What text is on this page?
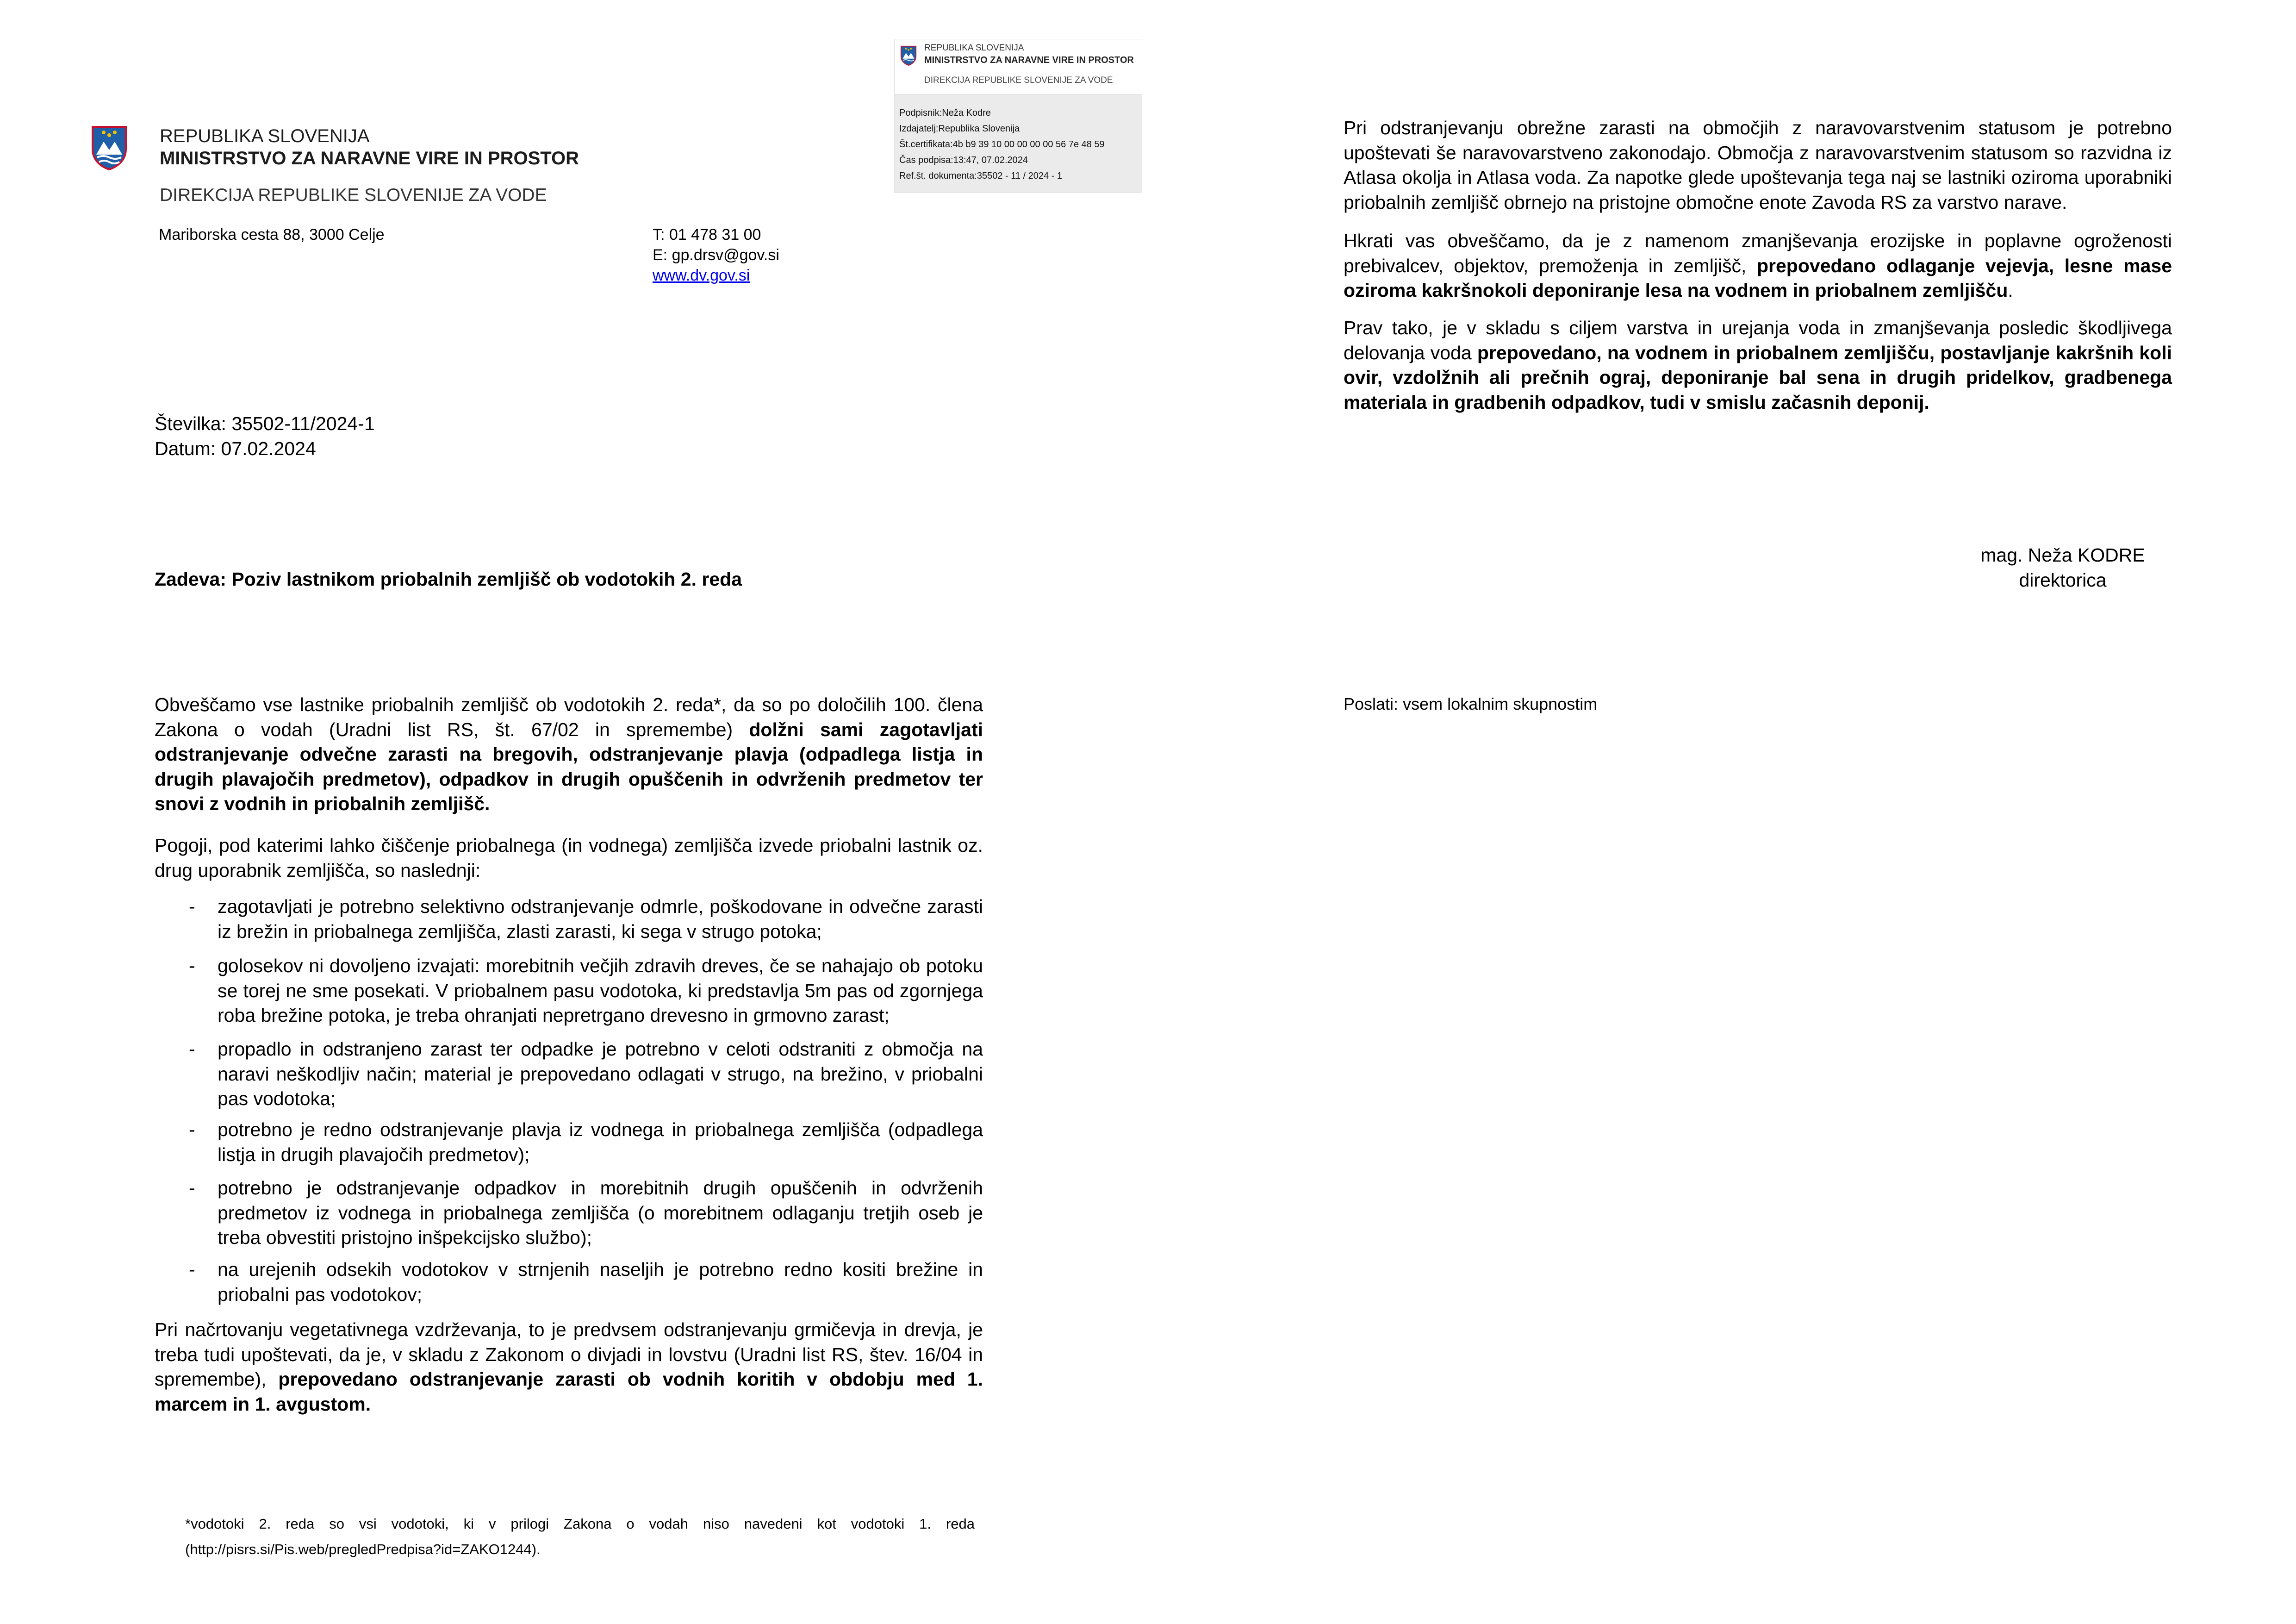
REPUBLIKA SLOVENIJA
MINISTRSTVO ZA NARAVNE VIRE IN PROSTOR
DIREKCIJA REPUBLIKE SLOVENIJE ZA VODE
Mariborska cesta 88, 3000 Celje	T: 01 478 31 00
E: gp.drsv@gov.si
www.dv.gov.si
REPUBLIKA SLOVENIJA
MINISTRSTVO ZA NARAVNE VIRE IN PROSTOR
DIREKCIJA REPUBLIKE SLOVENIJE ZA VODE
Podpisnik:Neža Kodre
Izdajatelj:Republika Slovenija
Št.certifikata:4b b9 39 10 00 00 00 00 56 7e 48 59
Čas podpisa:13:47, 07.02.2024
Ref.št. dokumenta:35502 - 11 / 2024 - 1
Številka: 35502-11/2024-1
Datum: 07.02.2024
Zadeva: Poziv lastnikom priobalnih zemljišč ob vodotokih 2. reda

Obveščamo vse lastnike priobalnih zemljišč ob vodotokih 2. reda*, da so po določilih 100. člena Zakona o vodah (Uradni list RS, št. 67/02 in spremembe) dolžni sami zagotavljati odstranjevanje odvečne zarasti na bregovih, odstranjevanje plavja (odpadlega listja in drugih plavajočih predmetov), odpadkov in drugih opuščenih in odvrženih predmetov ter snovi z vodnih in priobalnih zemljišč.

Pogoji, pod katerimi lahko čiščenje priobalnega (in vodnega) zemljišča izvede priobalni lastnik oz. drug uporabnik zemljišča, so naslednji:

-	zagotavljati je potrebno selektivno odstranjevanje odmrle, poškodovane in odvečne zarasti iz brežin in priobalnega zemljišča, zlasti zarasti, ki sega v strugo potoka;

-	golosekov ni dovoljeno izvajati: morebitnih večjih zdravih dreves, če se nahajajo ob potoku se torej ne sme posekati. V priobalnem pasu vodotoka, ki predstavlja 5m pas od zgornjega roba brežine potoka, je treba ohranjati nepretrgano drevesno in grmovno zarast;

-	propadlo in odstranjeno zarast ter odpadke je potrebno v celoti odstraniti z območja na naravi neškodljiv način; material je prepovedano odlagati v strugo, na brežino, v priobalni pas vodotoka;

-	potrebno je redno odstranjevanje plavja iz vodnega in priobalnega zemljišča (odpadlega listja in drugih plavajočih predmetov);

-	potrebno je odstranjevanje odpadkov in morebitnih drugih opuščenih in odvrženih predmetov iz vodnega in priobalnega zemljišča (o morebitnem odlaganju tretjih oseb je treba obvestiti pristojno inšpekcijsko službo);

-	na urejenih odsekih vodotokov v strnjenih naseljih je potrebno redno kositi brežine in priobalni pas vodotokov;

Pri načrtovanju vegetativnega vzdrževanja, to je predvsem odstranjevanju grmičevja in drevja, je treba tudi upoštevati, da je, v skladu z Zakonom o divjadi in lovstvu (Uradni list RS, štev. 16/04 in spremembe), prepovedano odstranjevanje zarasti ob vodnih koritih v obdobju med 1. marcem in 1. avgustom.

*vodotoki 2. reda so vsi vodotoki, ki v prilogi Zakona o vodah niso navedeni kot vodotoki 1. reda (http://pisrs.si/Pis.web/pregledPredpisa?id=ZAKO1244).

Pri odstranjevanju obrežne zarasti na območjih z naravovarstvenim statusom je potrebno upoštevati še naravovarstveno zakonodajo. Območja z naravovarstvenim statusom so razvidna iz Atlasa okolja in Atlasa voda. Za napotke glede upoštevanja tega naj se lastniki oziroma uporabniki priobalnih zemljišč obrnejo na pristojne območne enote Zavoda RS za varstvo narave.

Hkrati vas obveščamo, da je z namenom zmanjševanja erozijske in poplavne ogroženosti prebivalcev, objektov, premoženja in zemljišč, prepovedano odlaganje vejevja, lesne mase oziroma kakršnokoli deponiranje lesa na vodnem in priobalnem zemljišču.

Prav tako, je v skladu s ciljem varstva in urejanja voda in zmanjševanja posledic škodljivega delovanja voda prepovedano, na vodnem in priobalnem zemljišču, postavljanje kakršnih koli ovir, vzdolžnih ali prečnih ograj, deponiranje bal sena in drugih pridelkov, gradbenega materiala in gradbenih odpadkov, tudi v smislu začasnih deponij.

mag. Neža KODRE
direktorica
Poslati: vsem lokalnim skupnostim
